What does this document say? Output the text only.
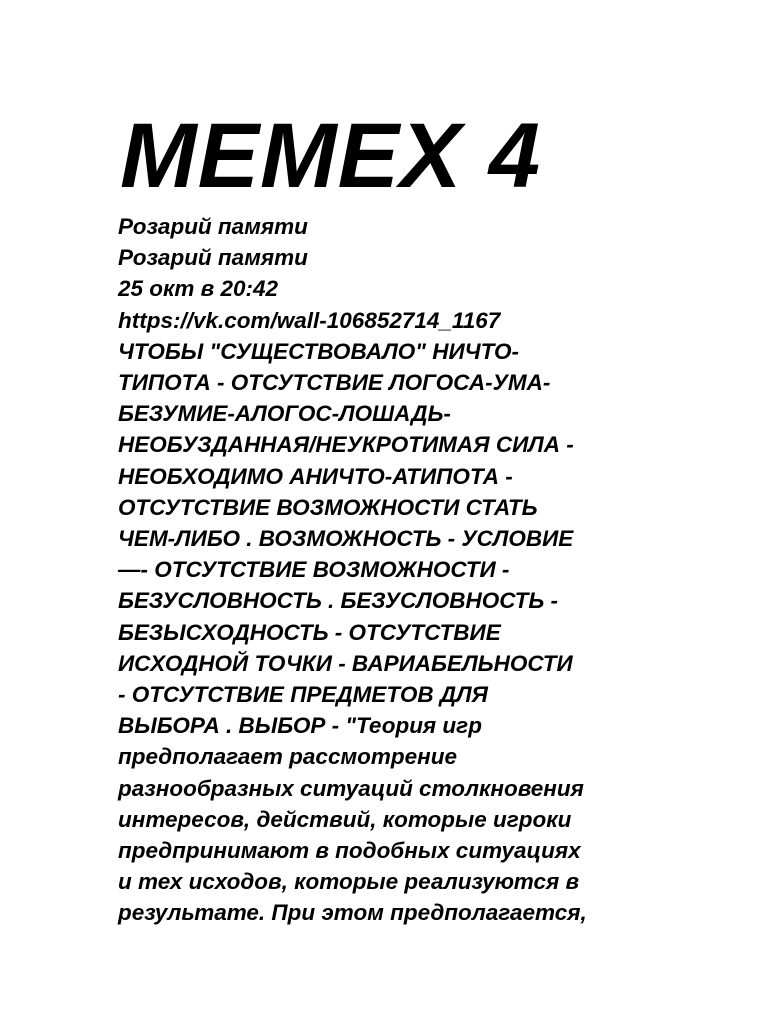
MEMEX 4
Розарий памяти
Розарий памяти
25 окт в 20:42
https://vk.com/wall-106852714_1167
ЧТОБЫ "СУЩЕСТВОВАЛО" НИЧТО-
ТИПОТА - ОТСУТСТВИЕ ЛОГОСА-УМА-
БЕЗУМИЕ-АЛОГОС-ЛОШАДЬ-
НЕОБУЗДАННАЯ/НЕУКРОТИМАЯ СИЛА -
НЕОБХОДИМО АНИЧТО-АТИПОТА -
ОТСУТСТВИЕ ВОЗМОЖНОСТИ СТАТЬ
ЧЕМ-ЛИБО . ВОЗМОЖНОСТЬ - УСЛОВИЕ
—- ОТСУТСТВИЕ ВОЗМОЖНОСТИ -
БЕЗУСЛОВНОСТЬ . БЕЗУСЛОВНОСТЬ -
БЕЗЫСХОДНОСТЬ - ОТСУТСТВИЕ
ИСХОДНОЙ ТОЧКИ - ВАРИАБЕЛЬНОСТИ
- ОТСУТСТВИЕ ПРЕДМЕТОВ ДЛЯ
ВЫБОРА . ВЫБОР - "Теория игр
предполагает рассмотрение
разнообразных ситуаций столкновения
интересов, действий, которые игроки
предпринимают в подобных ситуациях
и тех исходов, которые реализуются в
результате. При этом предполагается,
